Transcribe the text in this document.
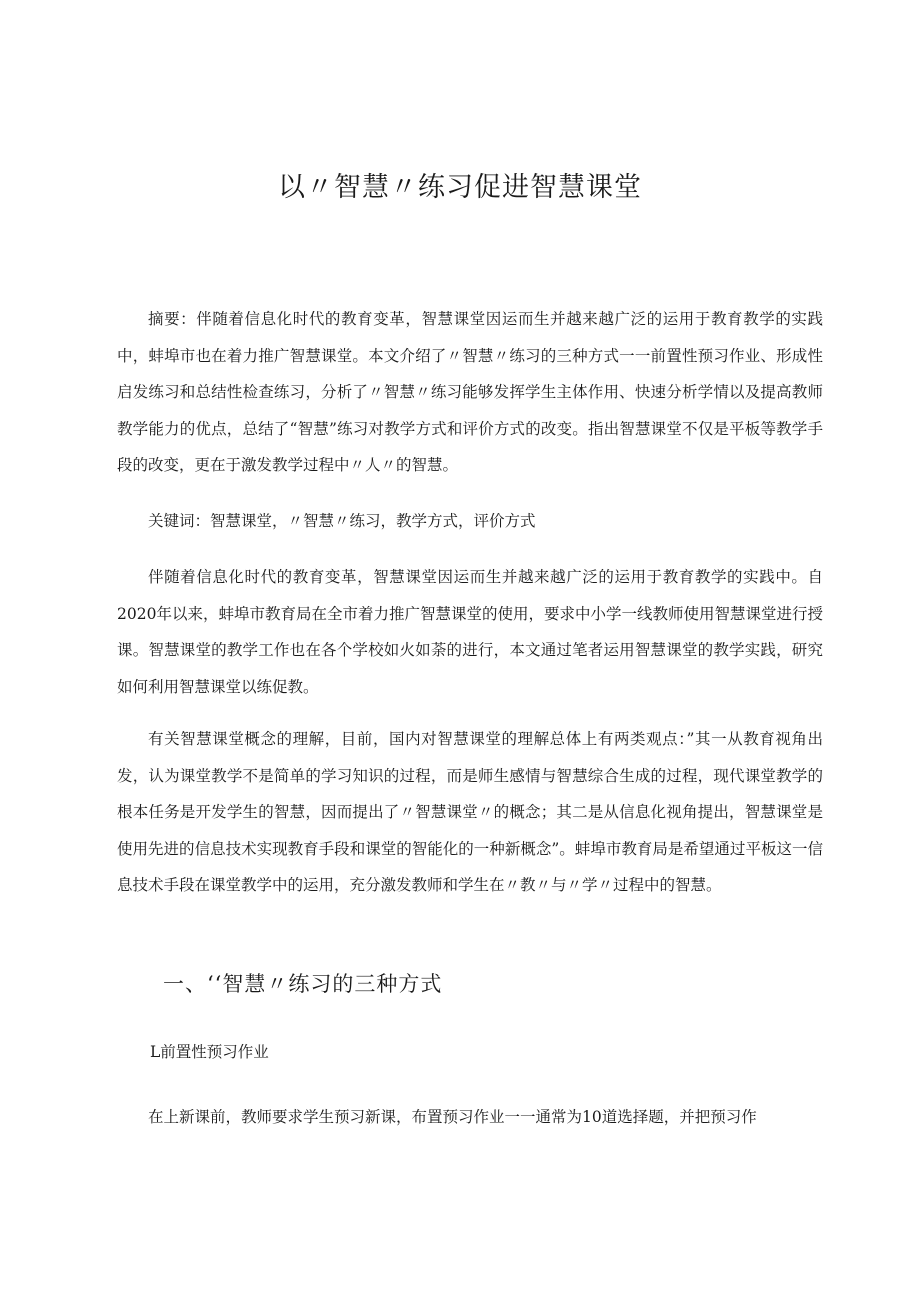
以〃智慧〃练习促进智慧课堂

摘要：伴随着信息化时代的教育变革，智慧课堂因运而生并越来越广泛的运用于教育教学的实践中，蚌埠市也在着力推广智慧课堂。本文介绍了〃智慧〃练习的三种方式一一前置性预习作业、形成性启发练习和总结性检查练习，分析了〃智慧〃练习能够发挥学生主体作用、快速分析学情以及提高教师教学能力的优点，总结了“智慧”练习对教学方式和评价方式的改变。指出智慧课堂不仅是平板等教学手段的改变，更在于激发教学过程中〃人〃的智慧。

关键词：智慧课堂，〃智慧〃练习，教学方式，评价方式

伴随着信息化时代的教育变革，智慧课堂因运而生并越来越广泛的运用于教育教学的实践中。自2020年以来，蚌埠市教育局在全市着力推广智慧课堂的使用，要求中小学一线教师使用智慧课堂进行授课。智慧课堂的教学工作也在各个学校如火如荼的进行，本文通过笔者运用智慧课堂的教学实践，研究如何利用智慧课堂以练促教。

有关智慧课堂概念的理解，目前，国内对智慧课堂的理解总体上有两类观点：”其一从教育视角出发，认为课堂教学不是简单的学习知识的过程，而是师生感情与智慧综合生成的过程，现代课堂教学的根本任务是开发学生的智慧，因而提出了〃智慧课堂〃的概念；其二是从信息化视角提出，智慧课堂是使用先进的信息技术实现教育手段和课堂的智能化的一种新概念”。蚌埠市教育局是希望通过平板这一信息技术手段在课堂教学中的运用，充分激发教师和学生在〃教〃与〃学〃过程中的智慧。

一、‘‘智慧〃练习的三种方式
L前置性预习作业

在上新课前，教师要求学生预习新课，布置预习作业一一通常为10道选择题，并把预习作
